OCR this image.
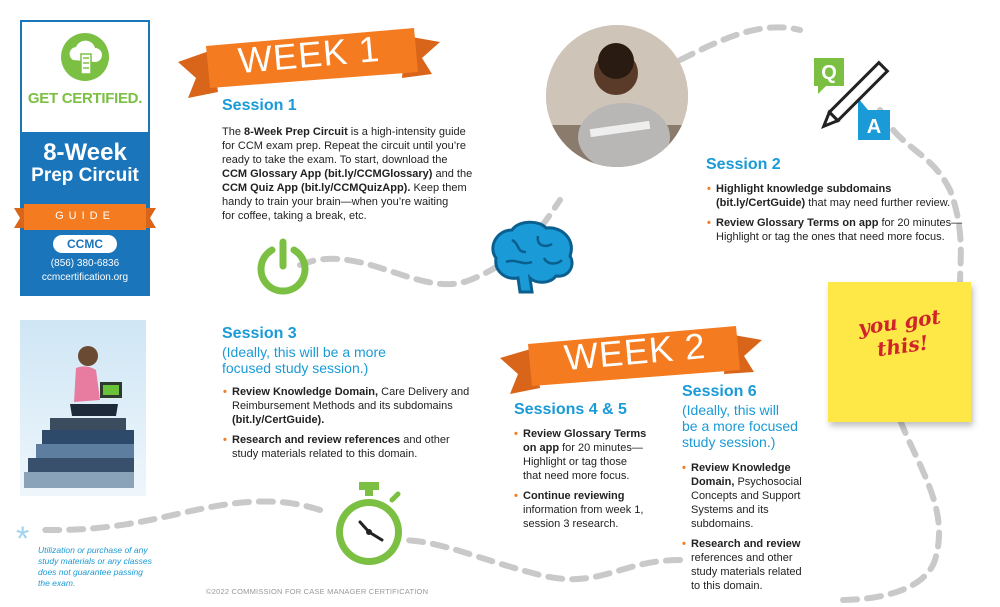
GET CERTIFIED.
8-Week
Prep Circuit
GUIDE
CCMC
(856) 380-6836
ccmcertification.org
WEEK 1
Session 1
The 8-Week Prep Circuit is a high-intensity guide
for CCM exam prep. Repeat the circuit until you’re
ready to take the exam. To start, download the
CCM Glossary App (bit.ly/CCMGlossary) and the
CCM Quiz App (bit.ly/CCMQuizApp). Keep them
handy to train your brain—when you’re waiting
for coffee, taking a break, etc.
Q
A
Session 2
• Highlight knowledge subdomains
(bit.ly/CertGuide) that may need further review.
• Review Glossary Terms on app for 20 minutes—
Highlight or tag the ones that need more focus.
Session 3
(Ideally, this will be a more
focused study session.)
• Review Knowledge Domain, Care Delivery and
Reimbursement Methods and its subdomains
(bit.ly/CertGuide).
• Research and review references and other
study materials related to this domain.
WEEK 2
Sessions 4 & 5
• Review Glossary Terms
on app for 20 minutes—
Highlight or tag those
that need more focus.
• Continue reviewing
information from week 1,
session 3 research.
Session 6
(Ideally, this will
be a more focused
study session.)
• Review Knowledge
Domain, Psychosocial
Concepts and Support
Systems and its
subdomains.
• Research and review
references and other
study materials related
to this domain.
you got this!
* Utilization or purchase of any study materials or any classes does not guarantee passing the exam.
©2022 COMMISSION FOR CASE MANAGER CERTIFICATION
